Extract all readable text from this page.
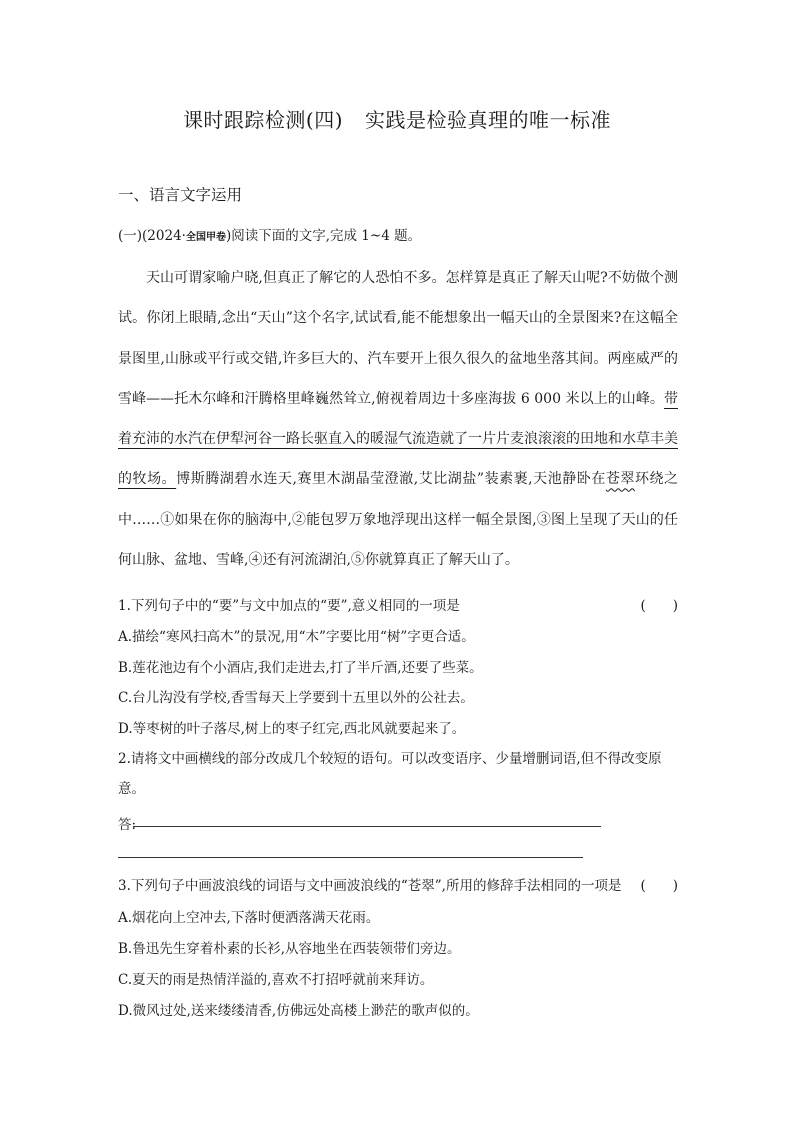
课时跟踪检测(四) 实践是检验真理的唯一标准
一、语言文字运用
(一)(2024·全国甲卷)阅读下面的文字,完成 1~4 题。

天山可谓家喻户晓,但真正了解它的人恐怕不多。怎样算是真正了解天山呢?不妨做个测试。你闭上眼睛,念出“天山”这个名字,试试看,能不能想象出一幅天山的全景图来?在这幅全景图里,山脉或平行或交错,许多巨大的、汽车要开上很久很久的盆地坐落其间。两座威严的雪峰——托木尔峰和汗腾格里峰巍然耸立,俯视着周边十多座海拔 6 000 米以上的山峰。带着充沛的水汽在伊犁河谷一路长驱直入的暖湿气流造就了一片片麦浪滚滚的田地和水草丰美的牧场。博斯腾湖碧水连天,赛里木湖晶莹澄澈,艾比湖盐”装素裹,天池静卧在苍翠环绕之中……①如果在你的脑海中,②能包罗万象地浮现出这样一幅全景图,③图上呈现了天山的任何山脉、盆地、雪峰,④还有河流湖泊,⑤你就算真正了解天山了。

1.下列句子中的“要”与文中加点的“要”,意义相同的一项是	(　　)
A.描绘“寒风扫高木”的景况,用“木”字要比用“树”字更合适。
B.莲花池边有个小酒店,我们走进去,打了半斤酒,还要了些菜。
C.台儿沟没有学校,香雪每天上学要到十五里以外的公社去。
D.等枣树的叶子落尽,树上的枣子红完,西北风就要起来了。
2.请将文中画横线的部分改成几个较短的语句。可以改变语序、少量增删词语,但不得改变原意。
答:
3.下列句子中画波浪线的词语与文中画波浪线的“苍翠”,所用的修辞手法相同的一项是 (　　)
A.烟花向上空冲去,下落时便洒落满天花雨。
B.鲁迅先生穿着朴素的长衫,从容地坐在西装领带们旁边。
C.夏天的雨是热情洋溢的,喜欢不打招呼就前来拜访。
D.微风过处,送来缕缕清香,仿佛远处高楼上渺茫的歌声似的。
